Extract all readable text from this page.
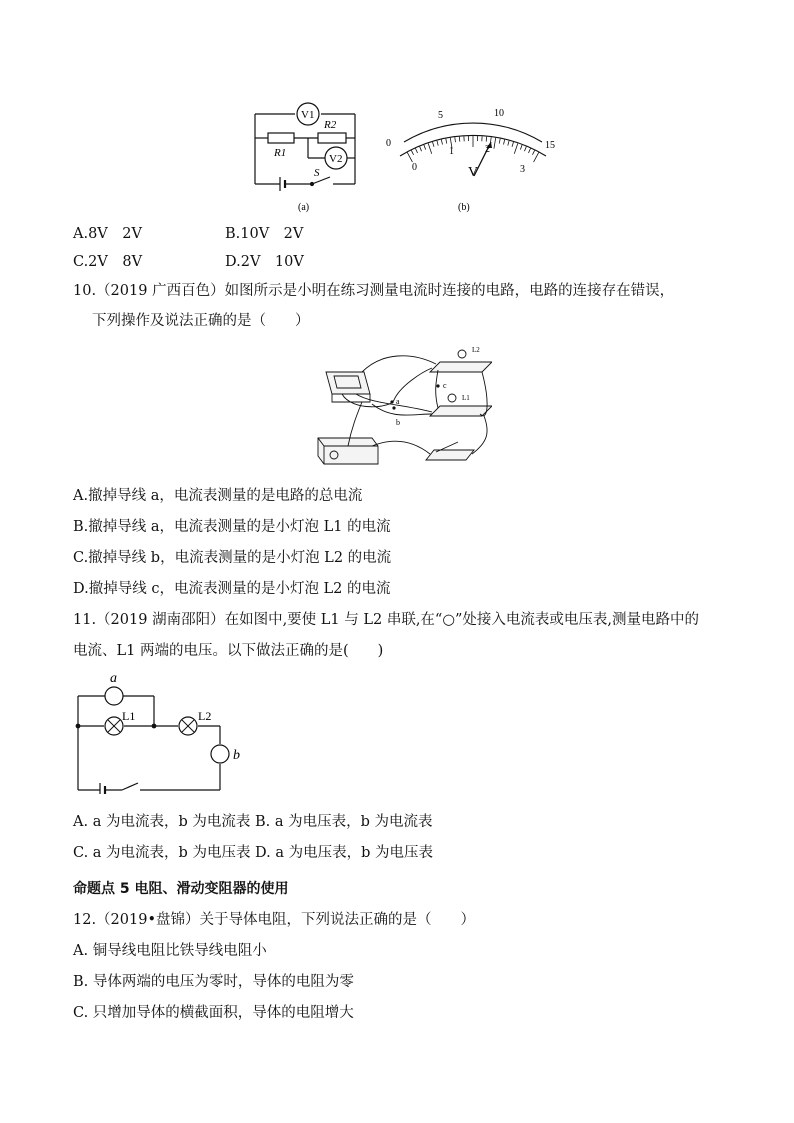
V1
V2
R1
R2
S
(a)
0
5	10
15
0
1	2
3
V
(b)
A.8V　2V	B.10V　2V
C.2V　8V	D.2V　10V
10.（2019 广西百色）如图所示是小明在练习测量电流时连接的电路，电路的连接存在错误，
下列操作及说法正确的是（　　）
a
b
c
L2
L1
A.撤掉导线 a，电流表测量的是电路的总电流
B.撤掉导线 a，电流表测量的是小灯泡 L1 的电流
C.撤掉导线 b，电流表测量的是小灯泡 L2 的电流
D.撤掉导线 c，电流表测量的是小灯泡 L2 的电流
11.（2019 湖南邵阳）在如图中,要使 L1 与 L2 串联,在“○”处接入电流表或电压表,测量电路中的
电流、L1 两端的电压。以下做法正确的是(　　)
a
L1	L2
b
A. a 为电流表，b 为电流表 B. a 为电压表，b 为电流表
C. a 为电流表，b 为电压表 D. a 为电压表，b 为电压表
命题点 5 电阻、滑动变阻器的使用
12.（2019•盘锦）关于导体电阻，下列说法正确的是（　　）
A. 铜导线电阻比铁导线电阻小
B. 导体两端的电压为零时，导体的电阻为零
C. 只增加导体的横截面积，导体的电阻增大
